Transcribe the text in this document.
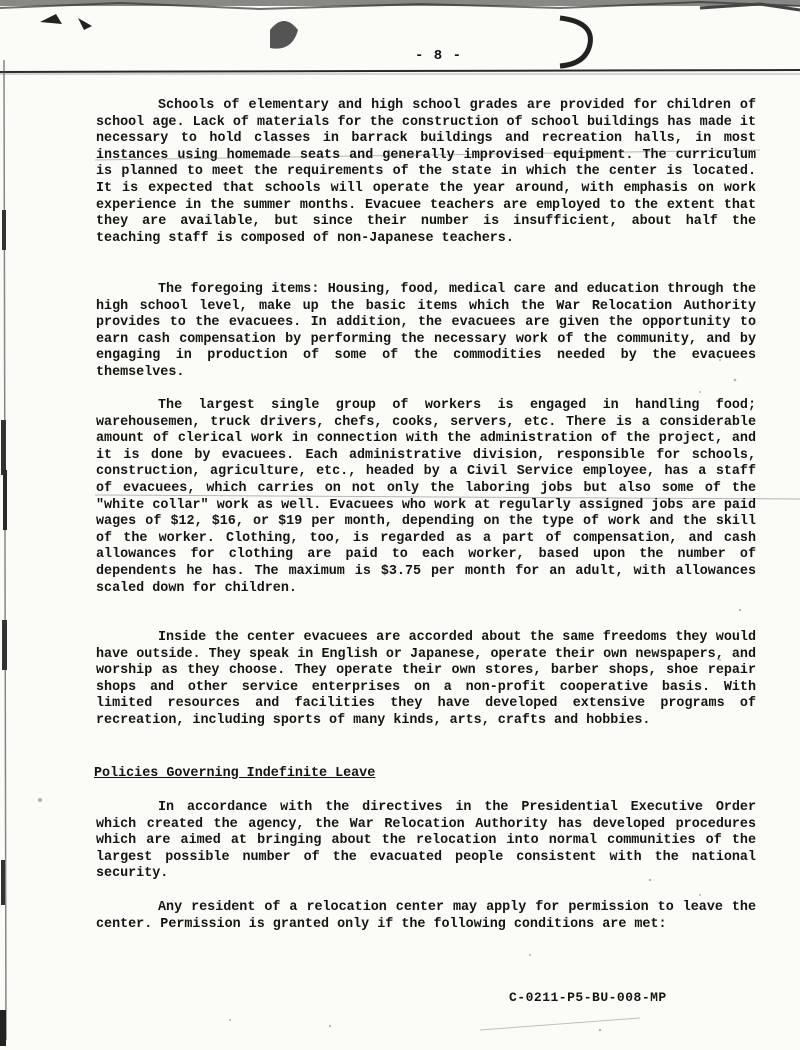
- 8 -

Schools of elementary and high school grades are provided for children of school age. Lack of materials for the construction of school buildings has made it necessary to hold classes in barrack buildings and recreation halls, in most instances using homemade seats and generally improvised equipment. The curriculum is planned to meet the requirements of the state in which the center is located. It is expected that schools will operate the year around, with emphasis on work experience in the summer months. Evacuee teachers are employed to the extent that they are available, but since their number is insufficient, about half the teaching staff is composed of non-Japanese teachers.

The foregoing items: Housing, food, medical care and education through the high school level, make up the basic items which the War Relocation Authority provides to the evacuees. In addition, the evacuees are given the opportunity to earn cash compensation by performing the necessary work of the community, and by engaging in production of some of the commodities needed by the evacuees themselves.

The largest single group of workers is engaged in handling food; warehousemen, truck drivers, chefs, cooks, servers, etc. There is a considerable amount of clerical work in connection with the administration of the project, and it is done by evacuees. Each administrative division, responsible for schools, construction, agriculture, etc., headed by a Civil Service employee, has a staff of evacuees, which carries on not only the laboring jobs but also some of the "white collar" work as well. Evacuees who work at regularly assigned jobs are paid wages of $12, $16, or $19 per month, depending on the type of work and the skill of the worker. Clothing, too, is regarded as a part of compensation, and cash allowances for clothing are paid to each worker, based upon the number of dependents he has. The maximum is $3.75 per month for an adult, with allowances scaled down for children.

Inside the center evacuees are accorded about the same freedoms they would have outside. They speak in English or Japanese, operate their own newspapers, and worship as they choose. They operate their own stores, barber shops, shoe repair shops and other service enterprises on a non-profit cooperative basis. With limited resources and facilities they have developed extensive programs of recreation, including sports of many kinds, arts, crafts and hobbies.

Policies Governing Indefinite Leave

In accordance with the directives in the Presidential Executive Order which created the agency, the War Relocation Authority has developed procedures which are aimed at bringing about the relocation into normal communities of the largest possible number of the evacuated people consistent with the national security.

Any resident of a relocation center may apply for permission to leave the center. Permission is granted only if the following conditions are met:

C-0211-P5-BU-008-MP
